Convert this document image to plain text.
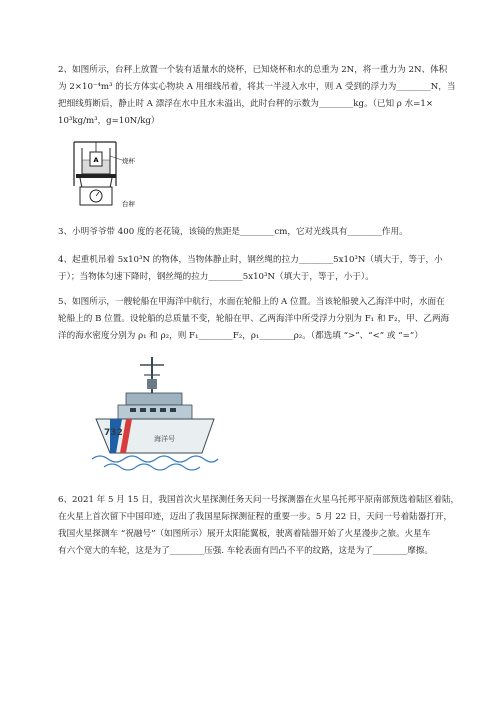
2、如图所示，台秤上放置一个装有适量水的烧杯，已知烧杯和水的总重为 2N，将一重力为 2N、体积
为 2×10⁻⁴m³ 的长方体实心物块 A 用细线吊着，将其一半浸入水中，则 A 受到的浮力为________N，当
把细线剪断后，静止时 A 漂浮在水中且水未溢出，此时台秤的示数为________kg。（已知 ρ 水=1×
10³kg/m³，g=10N/kg）
A	烧杯
台秤
3、小明爷爷带 400 度的老花镜，该镜的焦距是________cm，它对光线具有________作用。
4、起重机吊着 5x10³N 的物体，当物体静止时，钢丝绳的拉力________5x10³N（填大于，等于，小
于）；当物体匀速下降时，钢丝绳的拉力________5x10³N（填大于，等于，小于）。
5、如图所示，一艘轮船在甲海洋中航行，水面在轮船上的 A 位置。当该轮船驶入乙海洋中时，水面在
轮船上的 B 位置。设轮船的总质量不变，轮船在甲、乙两海洋中所受浮力分别为 F₁ 和 F₂，甲、乙两海
洋的海水密度分别为 ρ₁ 和 ρ₂，则 F₁________F₂，ρ₁________ρ₂。（都选填 “>”、“<” 或 “=”）
732
海洋号
6、2021 年 5 月 15 日，我国首次火星探测任务天问一号探测器在火星乌托邦平原南部预选着陆区着陆，
在火星上首次留下中国印迹，迈出了我国星际探测征程的重要一步。5 月 22 日，天问一号着陆器打开，
我国火星探测车 “祝融号”（如图所示）展开太阳能翼板，驶离着陆器开始了火星漫步之旅。火星车
有六个宽大的车轮，这是为了________压强. 车轮表面有凹凸不平的纹路，这是为了________摩擦。
